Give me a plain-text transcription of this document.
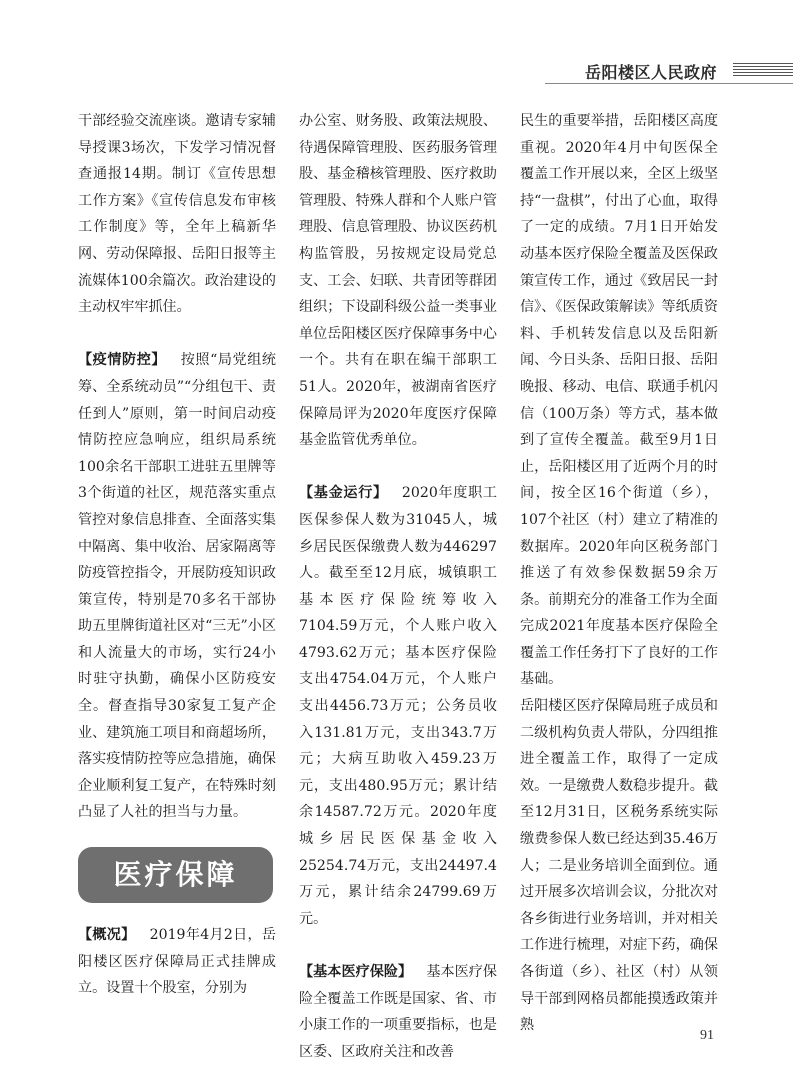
岳阳楼区人民政府

干部经验交流座谈。邀请专家辅导授课3场次，下发学习情况督查通报14期。制订《宣传思想工作方案》《宣传信息发布审核工作制度》等，全年上稿新华网、劳动保障报、岳阳日报等主流媒体100余篇次。政治建设的主动权牢牢抓住。

【疫情防控】  按照“局党组统筹、全系统动员”“分组包干、责任到人”原则，第一时间启动疫情防控应急响应，组织局系统100余名干部职工进驻五里牌等3个街道的社区，规范落实重点管控对象信息排查、全面落实集中隔离、集中收治、居家隔离等防疫管控指令，开展防疫知识政策宣传，特别是70多名干部协助五里牌街道社区对“三无”小区和人流量大的市场，实行24小时驻守执勤，确保小区防疫安全。督查指导30家复工复产企业、建筑施工项目和商超场所，落实疫情防控等应急措施，确保企业顺利复工复产，在特殊时刻凸显了人社的担当与力量。

医疗保障

【概况】  2019年4月2日，岳阳楼区医疗保障局正式挂牌成立。设置十个股室，分别为

办公室、财务股、政策法规股、待遇保障管理股、医药服务管理股、基金稽核管理股、医疗救助管理股、特殊人群和个人账户管理股、信息管理股、协议医药机构监管股，另按规定设局党总支、工会、妇联、共青团等群团组织；下设副科级公益一类事业单位岳阳楼区医疗保障事务中心一个。共有在职在编干部职工51人。2020年，被湖南省医疗保障局评为2020年度医疗保障基金监管优秀单位。

【基金运行】  2020年度职工医保参保人数为31045人，城乡居民医保缴费人数为446297人。截至至12月底，城镇职工基本医疗保险统筹收入7104.59万元，个人账户收入4793.62万元；基本医疗保险支出4754.04万元，个人账户支出4456.73万元；公务员收入131.81万元，支出343.7万元；大病互助收入459.23万元，支出480.95万元；累计结余14587.72万元。2020年度城乡居民医保基金收入25254.74万元，支出24497.4万元，累计结余24799.69万元。

【基本医疗保险】  基本医疗保险全覆盖工作既是国家、省、市小康工作的一项重要指标，也是区委、区政府关注和改善

民生的重要举措，岳阳楼区高度重视。2020年4月中旬医保全覆盖工作开展以来，全区上级坚持“一盘棋”，付出了心血，取得了一定的成绩。7月1日开始发动基本医疗保险全覆盖及医保政策宣传工作，通过《致居民一封信》、《医保政策解读》等纸质资料、手机转发信息以及岳阳新闻、今日头条、岳阳日报、岳阳晚报、移动、电信、联通手机闪信（100万条）等方式，基本做到了宣传全覆盖。截至9月1日止，岳阳楼区用了近两个月的时间，按全区16个街道（乡），107个社区（村）建立了精准的数据库。2020年向区税务部门推送了有效参保数据59余万条。前期充分的准备工作为全面完成2021年度基本医疗保险全覆盖工作任务打下了良好的工作基础。

岳阳楼区医疗保障局班子成员和二级机构负责人带队，分四组推进全覆盖工作，取得了一定成效。一是缴费人数稳步提升。截至12月31日，区税务系统实际缴费参保人数已经达到35.46万人；二是业务培训全面到位。通过开展多次培训会议，分批次对各乡街进行业务培训，并对相关工作进行梳理，对症下药，确保各街道（乡）、社区（村）从领导干部到网格员都能摸透政策并熟

91
